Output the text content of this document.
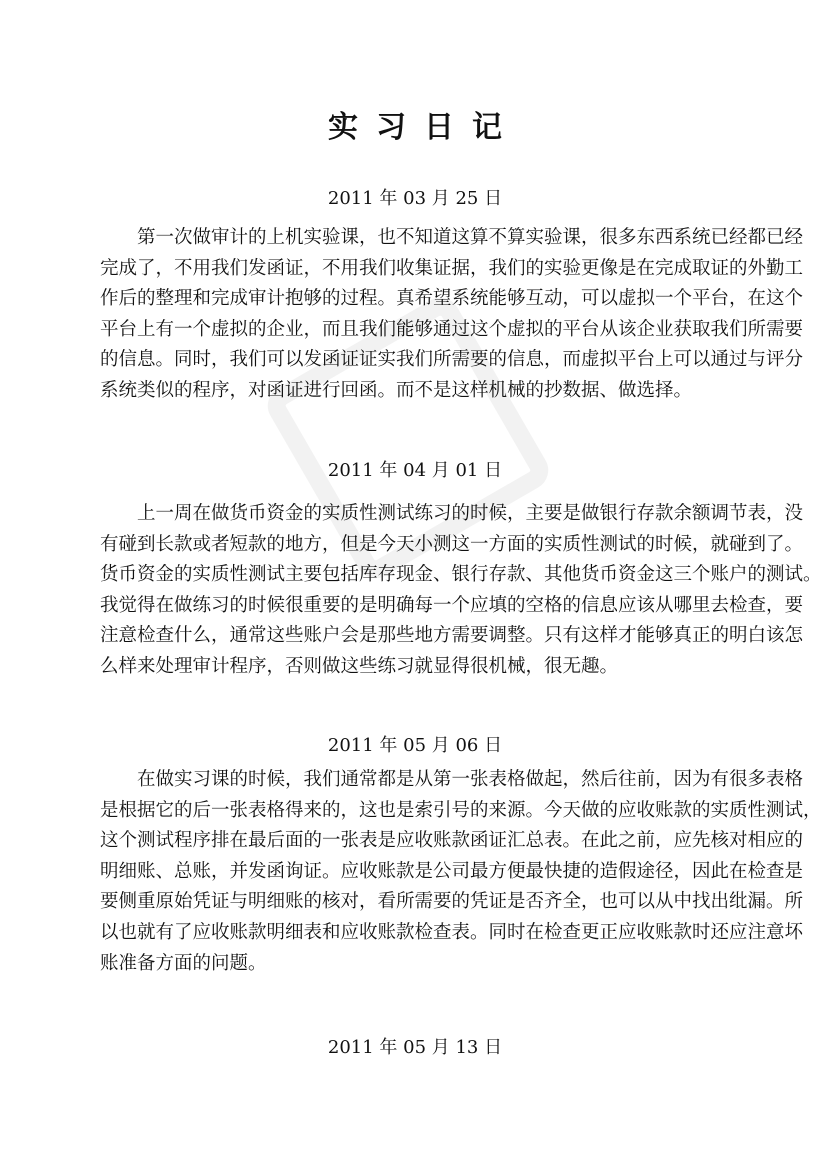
实习日记
2011 年 03 月 25 日
第一次做审计的上机实验课，也不知道这算不算实验课，很多东西系统已经都已经
完成了，不用我们发函证，不用我们收集证据，我们的实验更像是在完成取证的外勤工
作后的整理和完成审计抱够的过程。真希望系统能够互动，可以虚拟一个平台，在这个
平台上有一个虚拟的企业，而且我们能够通过这个虚拟的平台从该企业获取我们所需要
的信息。同时，我们可以发函证证实我们所需要的信息，而虚拟平台上可以通过与评分
系统类似的程序，对函证进行回函。而不是这样机械的抄数据、做选择。
2011 年 04 月 01 日
上一周在做货币资金的实质性测试练习的时候，主要是做银行存款余额调节表，没
有碰到长款或者短款的地方，但是今天小测这一方面的实质性测试的时候，就碰到了。
货币资金的实质性测试主要包括库存现金、银行存款、其他货币资金这三个账户的测试。
我觉得在做练习的时候很重要的是明确每一个应填的空格的信息应该从哪里去检查，要
注意检查什么，通常这些账户会是那些地方需要调整。只有这样才能够真正的明白该怎
么样来处理审计程序，否则做这些练习就显得很机械，很无趣。
2011 年 05 月 06 日
在做实习课的时候，我们通常都是从第一张表格做起，然后往前，因为有很多表格
是根据它的后一张表格得来的，这也是索引号的来源。今天做的应收账款的实质性测试，
这个测试程序排在最后面的一张表是应收账款函证汇总表。在此之前，应先核对相应的
明细账、总账，并发函询证。应收账款是公司最方便最快捷的造假途径，因此在检查是
要侧重原始凭证与明细账的核对，看所需要的凭证是否齐全，也可以从中找出纰漏。所
以也就有了应收账款明细表和应收账款检查表。同时在检查更正应收账款时还应注意坏
账准备方面的问题。
2011 年 05 月 13 日
